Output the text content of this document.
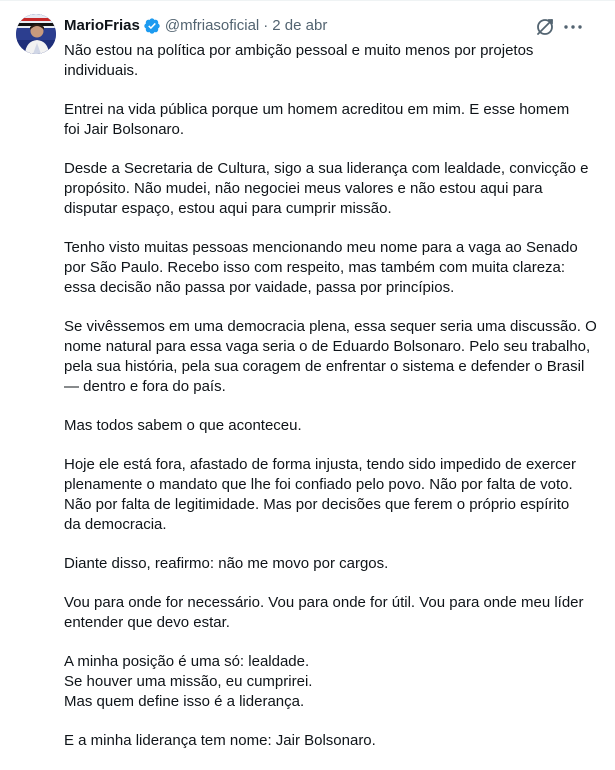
MarioFrias @mfriasoficial · 2 de abr

Não estou na política por ambição pessoal e muito menos por projetos
individuais.

Entrei na vida pública porque um homem acreditou em mim. E esse homem
foi Jair Bolsonaro.

Desde a Secretaria de Cultura, sigo a sua liderança com lealdade, convicção e
propósito. Não mudei, não negociei meus valores e não estou aqui para
disputar espaço, estou aqui para cumprir missão.

Tenho visto muitas pessoas mencionando meu nome para a vaga ao Senado
por São Paulo. Recebo isso com respeito, mas também com muita clareza:
essa decisão não passa por vaidade, passa por princípios.

Se vivêssemos em uma democracia plena, essa sequer seria uma discussão. O
nome natural para essa vaga seria o de Eduardo Bolsonaro. Pelo seu trabalho,
pela sua história, pela sua coragem de enfrentar o sistema e defender o Brasil
— dentro e fora do país.

Mas todos sabem o que aconteceu.

Hoje ele está fora, afastado de forma injusta, tendo sido impedido de exercer
plenamente o mandato que lhe foi confiado pelo povo. Não por falta de voto.
Não por falta de legitimidade. Mas por decisões que ferem o próprio espírito
da democracia.

Diante disso, reafirmo: não me movo por cargos.

Vou para onde for necessário. Vou para onde for útil. Vou para onde meu líder
entender que devo estar.

A minha posição é uma só: lealdade.
Se houver uma missão, eu cumprirei.
Mas quem define isso é a liderança.

E a minha liderança tem nome: Jair Bolsonaro.
